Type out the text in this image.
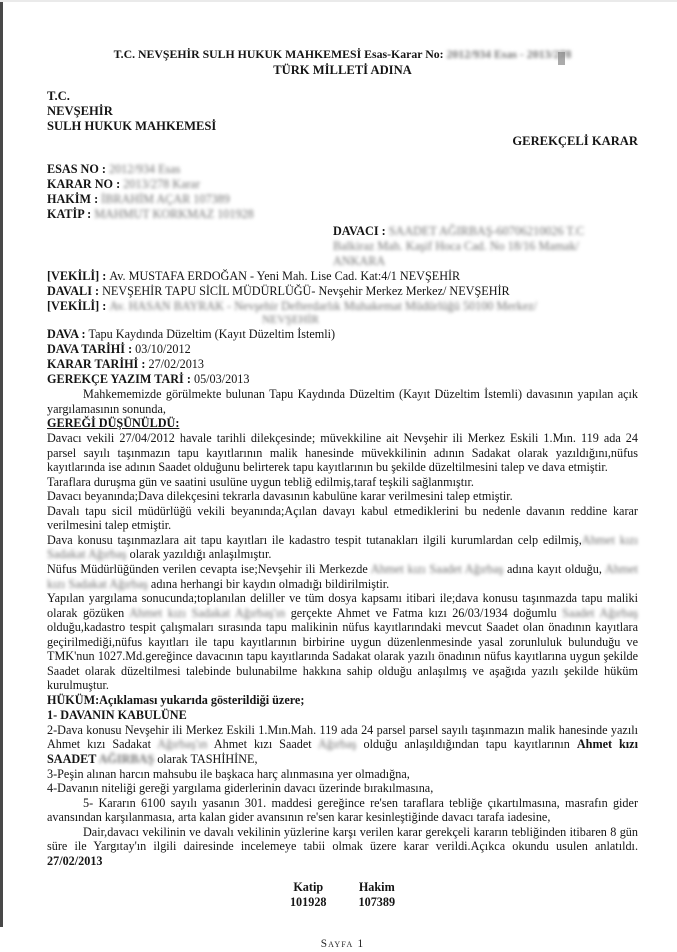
T.C. NEVŞEHİR SULH HUKUK MAHKEMESİ Esas-Karar No: 2012/934 Esas - 2013/278
TÜRK MİLLETİ ADINA
T.C.
NEVŞEHİR
SULH HUKUK MAHKEMESİ
GEREKÇELİ KARAR
ESAS NO : 2012/934 Esas
KARAR NO : 2013/278 Karar
HAKİM : İBRAHİM AÇAR 107389
KATİP : MAHMUT KORKMAZ 101928
DAVACI : SAADET AĞIRBAŞ-60706210026 T.C
Balkiraz Mah. Kaşif Hoca Cad. No 18/16 Mamak/
ANKARA
[VEKİLİ] : Av. MUSTAFA ERDOĞAN - Yeni Mah. Lise Cad. Kat:4/1 NEVŞEHİR
DAVALI : NEVŞEHİR TAPU SİCİL MÜDÜRLÜĞÜ- Nevşehir Merkez Merkez/ NEVŞEHİR
[VEKİLİ] : Av. HASAN BAYRAK - Nevşehir Defterdarlık Muhakemat Müdürlüğü 50100 Merkez/
NEVŞEHİR
DAVA : Tapu Kaydında Düzeltim (Kayıt Düzeltim İstemli)
DAVA TARİHİ : 03/10/2012
KARAR TARİHİ : 27/02/2013
GEREKÇE YAZIM TARİ : 05/03/2013

Mahkememizde görülmekte bulunan Tapu Kaydında Düzeltim (Kayıt Düzeltim İstemli) davasının yapılan açık yargılamasının sonunda,

GEREĞİ DÜŞÜNÜLDÜ:

Davacı vekili 27/04/2012 havale tarihli dilekçesinde; müvekkiline ait Nevşehir ili Merkez Eskili 1.Mın. 119 ada 24 parsel sayılı taşınmazın tapu kayıtlarının malik hanesinde müvekkilinin adının Sadakat olarak yazıldığını,nüfus kayıtlarında ise adının Saadet olduğunu belirterek tapu kayıtlarının bu şekilde düzeltilmesini talep ve dava etmiştir.

Taraflara duruşma gün ve saatini usulüne uygun tebliğ edilmiş,taraf teşkili sağlanmıştır.

Davacı beyanında;Dava dilekçesini tekrarla davasının kabulüne karar verilmesini talep etmiştir.

Davalı tapu sicil müdürlüğü vekili beyanında;Açılan davayı kabul etmediklerini bu nedenle davanın reddine karar verilmesini talep etmiştir.

Dava konusu taşınmazlara ait tapu kayıtları ile kadastro tespit tutanakları ilgili kurumlardan celp edilmiş,Ahmet kızı Sadakat Ağırbaş olarak yazıldığı anlaşılmıştır.

Nüfus Müdürlüğünden verilen cevapta ise;Nevşehir ili Merkezde Ahmet kızı Saadet Ağırbaş adına kayıt olduğu, Ahmet kızı Sadakat Ağırbaş adına herhangi bir kaydın olmadığı bildirilmiştir.

Yapılan yargılama sonucunda;toplanılan deliller ve tüm dosya kapsamı itibari ile;dava konusu taşınmazda tapu maliki olarak gözüken Ahmet kızı Sadakat Ağırbaş'ın gerçekte Ahmet ve Fatma kızı 26/03/1934 doğumlu Saadet Ağırbaş olduğu,kadastro tespit çalışmaları sırasında tapu malikinin nüfus kayıtlarındaki mevcut Saadet olan önadının kayıtlara geçirilmediği,nüfus kayıtları ile tapu kayıtlarının birbirine uygun düzenlenmesinde yasal zorunluluk bulunduğu ve TMK'nun 1027.Md.gereğince davacının tapu kayıtlarında Sadakat olarak yazılı önadının nüfus kayıtlarına uygun şekilde Saadet olarak düzeltilmesi talebinde bulunabilme hakkına sahip olduğu anlaşılmış ve aşağıda yazılı şekilde hüküm kurulmuştur.

HÜKÜM:Açıklaması yukarıda gösterildiği üzere;
1- DAVANIN KABULÜNE

2-Dava konusu Nevşehir ili Merkez Eskili 1.Mın.Mah. 119 ada 24 parsel parsel sayılı taşınmazın malik hanesinde yazılı Ahmet kızı Sadakat Ağırbaş'ın Ahmet kızı Saadet Ağırbaş olduğu anlaşıldığından tapu kayıtlarının Ahmet kızı SAADET AĞIRBAŞ olarak TASHİHİNE,

3-Peşin alınan harcın mahsubu ile başkaca harç alınmasına yer olmadığna,

4-Davanın niteliği gereği yargılama giderlerinin davacı üzerinde bırakılmasına,

5- Kararın 6100 sayılı yasanın 301. maddesi gereğince re'sen taraflara tebliğe çıkartılmasına, masrafın gider avansından karşılanmasıa, arta kalan gider avansının re'sen karar kesinleştiğinde davacı tarafa iadesine,

Dair,davacı vekilinin ve davalı vekilinin yüzlerine karşı verilen karar gerekçeli kararın tebliğinden itibaren 8 gün süre ile Yargıtay'ın ilgili dairesinde incelemeye tabii olmak üzere karar verildi.Açıkca okundu usulen anlatıldı. 27/02/2013

Katip
101928
Hakim
107389
Sayfa 1
